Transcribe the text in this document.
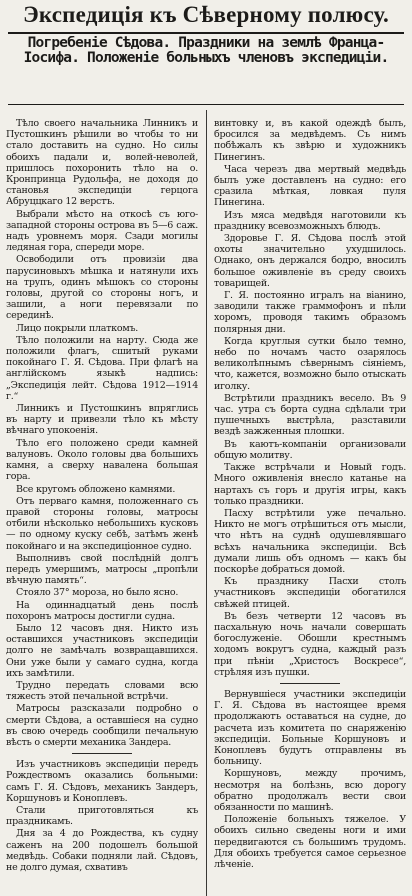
Экспедиція къ Сѣверному полюсу.
Погребеніе Сѣдова. Праздники на землѣ Франца-
Іосифа. Положеніе больныхъ членовъ экспедиціи.

Тѣло своего начальника Линникъ и Пустошкинъ рѣшили во чтобы то ни стало доставить на судно. Но силы обоихъ падали и, волей-неволей, пришлось похоронить тѣло на о. Кронпринца Рудольфа, не доходя до становья экспедиціи герцога Абруццкаго 12 верстъ.

Выбрали мѣсто на откосѣ съ юго-западной стороны острова въ 5—6 саж. надъ уровнемъ моря. Сзади могилы ледяная гора, спереди море.

Освободили отъ провизіи два парусиновыхъ мѣшка и натянули ихъ на трупъ, одинъ мѣшокъ со стороны головы, другой со стороны ногъ, и зашили, а ноги перевязали по серединѣ.

Лицо покрыли платкомъ.

Тѣло положили на нарту. Сюда же положили флагъ, сшитый руками покойнаго Г. Я. Сѣдова. При флагѣ на англійскомъ языкѣ надпись: „Экспедиція лейт. Сѣдова 1912—1914 г.“

Линникъ и Пустошкинъ впряглись въ нарту и привезли тѣло къ мѣсту вѣчнаго упокоенія.

Тѣло его положено среди камней валуновъ. Около головы два большихъ камня, а сверху навалена большая гора.

Все кругомъ обложено камнями.

Отъ перваго камня, положеннаго съ правой стороны головы, матросы отбили нѣсколько небольшихъ кусковъ — по одному куску себѣ, затѣмъ женѣ покойнаго и на экспедиціонное судно.

Выполнивъ свой послѣдній долгъ передъ умершимъ, матросы „пропѣли вѣчную память“.

Стояло 37° мороза, но было ясно.

На одиннадцатый день послѣ похоронъ матросы достигли судна.

Было 12 часовъ дня. Никто изъ оставшихся участниковъ экспедиціи долго не замѣчалъ возвращавшихся. Они уже были у самаго судна, когда ихъ замѣтили.

Трудно передать словами всю тяжесть этой печальной встрѣчи.

Матросы разсказали подробно о смерти Сѣдова, а оставшіеся на судно въ свою очередь сообщили печальную вѣсть о смерти механика Зандера.

Изъ участниковъ экспедиціи передъ Рождествомъ оказались больными: самъ Г. Я. Сѣдовъ, механикъ Зандеръ, Коршуновъ и Коноплевъ.

Стали приготовляться къ праздникамъ.

Дня за 4 до Рождества, къ судну саженъ на 200 подошелъ большой медвѣдь. Собаки подняли лай. Сѣдовъ, не долго думая, схвативъ

винтовку и, въ какой одеждѣ былъ, бросился за медвѣдемъ. Съ нимъ побѣжалъ къ звѣрю и художникъ Пинегинъ.

Часа черезъ два мертвый медвѣдь былъ уже доставленъ на судно: его сразила мѣткая, ловкая пуля Пинегина.

Изъ мяса медвѣдя наготовили къ празднику всевозможныхъ блюдъ.

Здоровье Г. Я. Сѣдова послѣ этой охоты значительно ухудшилось. Однако, онъ держался бодро, вносилъ большое оживленіе въ среду своихъ товарищей.

Г. Я. постоянно игралъ на віанино, заводили также граммофонъ и пѣли хоромъ, проводя такимъ образомъ полярныя дни.

Когда круглыя сутки было темно, небо по ночамъ часто озарялось великолѣпнымъ сѣвернымъ сіяніемъ, что, кажется, возможно было отыскать иголку.

Встрѣтили праздникъ весело. Въ 9 час. утра съ борта судна сдѣлали три пушечныхъ выстрѣла, разставили вездѣ зажженныя плошки.

Въ каютъ-компаніи организовали общую молитву.

Также встрѣчали и Новый годъ. Много оживленія внесло катанье на нартахъ съ горъ и другія игры, какъ только праздники.

Пасху встрѣтили уже печально. Никто не могъ отрѣшиться отъ мысли, что нѣтъ на суднѣ одушевлявшаго всѣхъ начальника экспедиціи. Всѣ думали лишь объ одномъ — какъ бы поскорѣе добраться домой.

Къ празднику Пасхи столъ участниковъ экспедиціи обогатился свѣжей птицей.

Въ безъ четверти 12 часовъ въ пасхальную ночь начали совершать богослуженіе. Обошли крестнымъ ходомъ вокругъ судна, каждый разъ при пѣніи „Христосъ Воскресе“, стрѣляя изъ пушки.

Вернувшіеся участники экспедиціи Г. Я. Сѣдова въ настоящее время продолжаютъ оставаться на судне, до расчета изъ комитета по снаряженію экспедиціи. Больные Коршуновъ и Коноплевъ будутъ отправлены въ больницу.

Коршуновъ, между прочимъ, несмотря на болѣзнь, всю дорогу обратно продолжалъ вести свои обязанности по машинѣ.

Положеніе больныхъ тяжелое. У обоихъ сильно сведены ноги и ими передвигаются съ большимъ трудомъ. Для обоихъ требуется самое серьезное лѣченіе.
